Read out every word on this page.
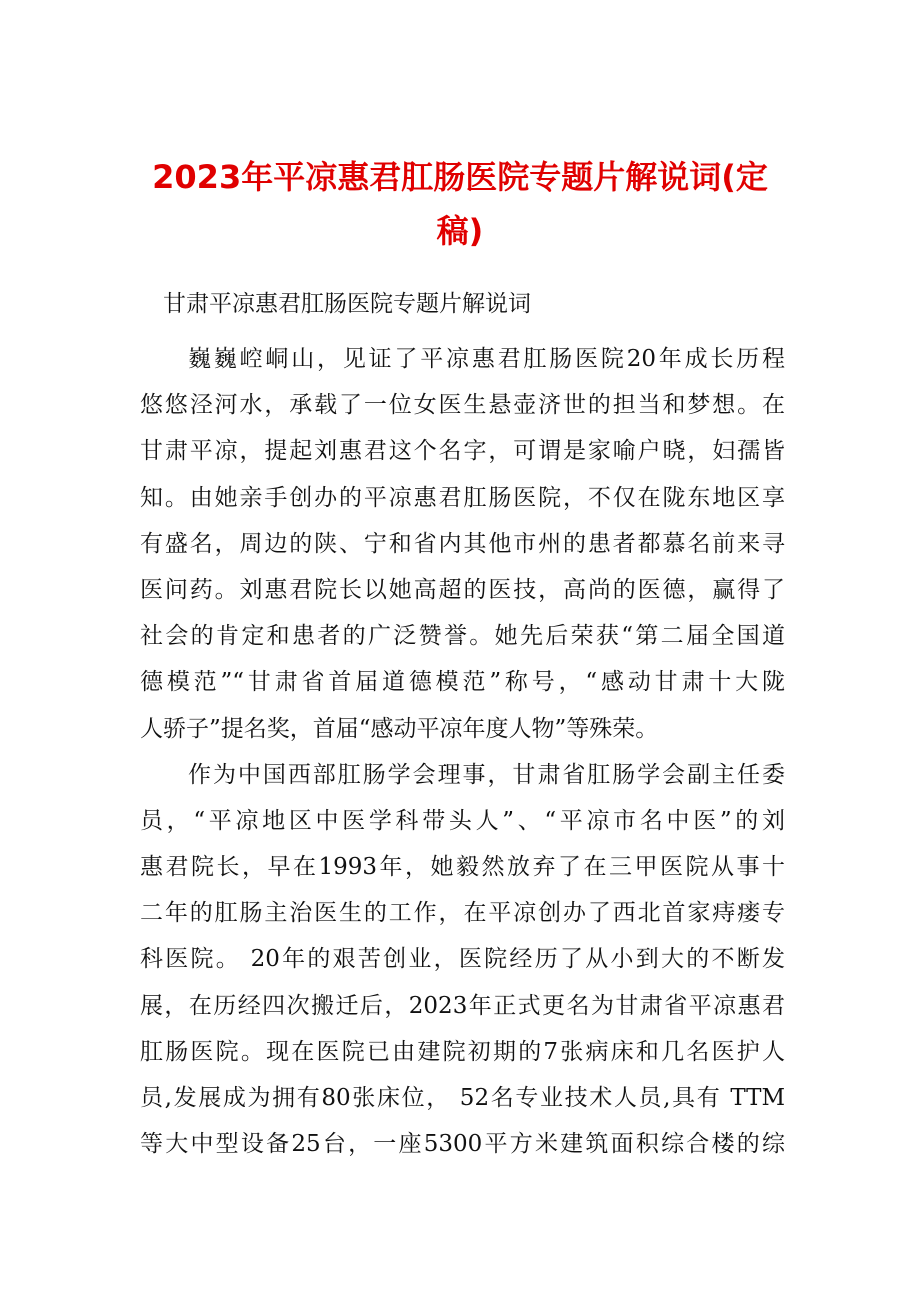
2023年平凉惠君肛肠医院专题片解说词(定
稿)
甘肃平凉惠君肛肠医院专题片解说词
巍巍崆峒山，见证了平凉惠君肛肠医院20年成长历程
悠悠泾河水，承载了一位女医生悬壶济世的担当和梦想。在
甘肃平凉，提起刘惠君这个名字，可谓是家喻户晓，妇孺皆
知。由她亲手创办的平凉惠君肛肠医院，不仅在陇东地区享
有盛名，周边的陕、宁和省内其他市州的患者都慕名前来寻
医问药。刘惠君院长以她高超的医技，高尚的医德，赢得了
社会的肯定和患者的广泛赞誉。她先后荣获“第二届全国道
德模范”“甘肃省首届道德模范”称号，“感动甘肃十大陇
人骄子”提名奖，首届“感动平凉年度人物”等殊荣。
作为中国西部肛肠学会理事，甘肃省肛肠学会副主任委
员，“平凉地区中医学科带头人”、“平凉市名中医”的刘
惠君院长，早在1993年，她毅然放弃了在三甲医院从事十
二年的肛肠主治医生的工作，在平凉创办了西北首家痔瘘专
科医院。 20年的艰苦创业，医院经历了从小到大的不断发
展，在历经四次搬迁后，2023年正式更名为甘肃省平凉惠君
肛肠医院。现在医院已由建院初期的7张病床和几名医护人
员,发展成为拥有80张床位， 52名专业技术人员,具有 TTM
等大中型设备25台，一座5300平方米建筑面积综合楼的综
